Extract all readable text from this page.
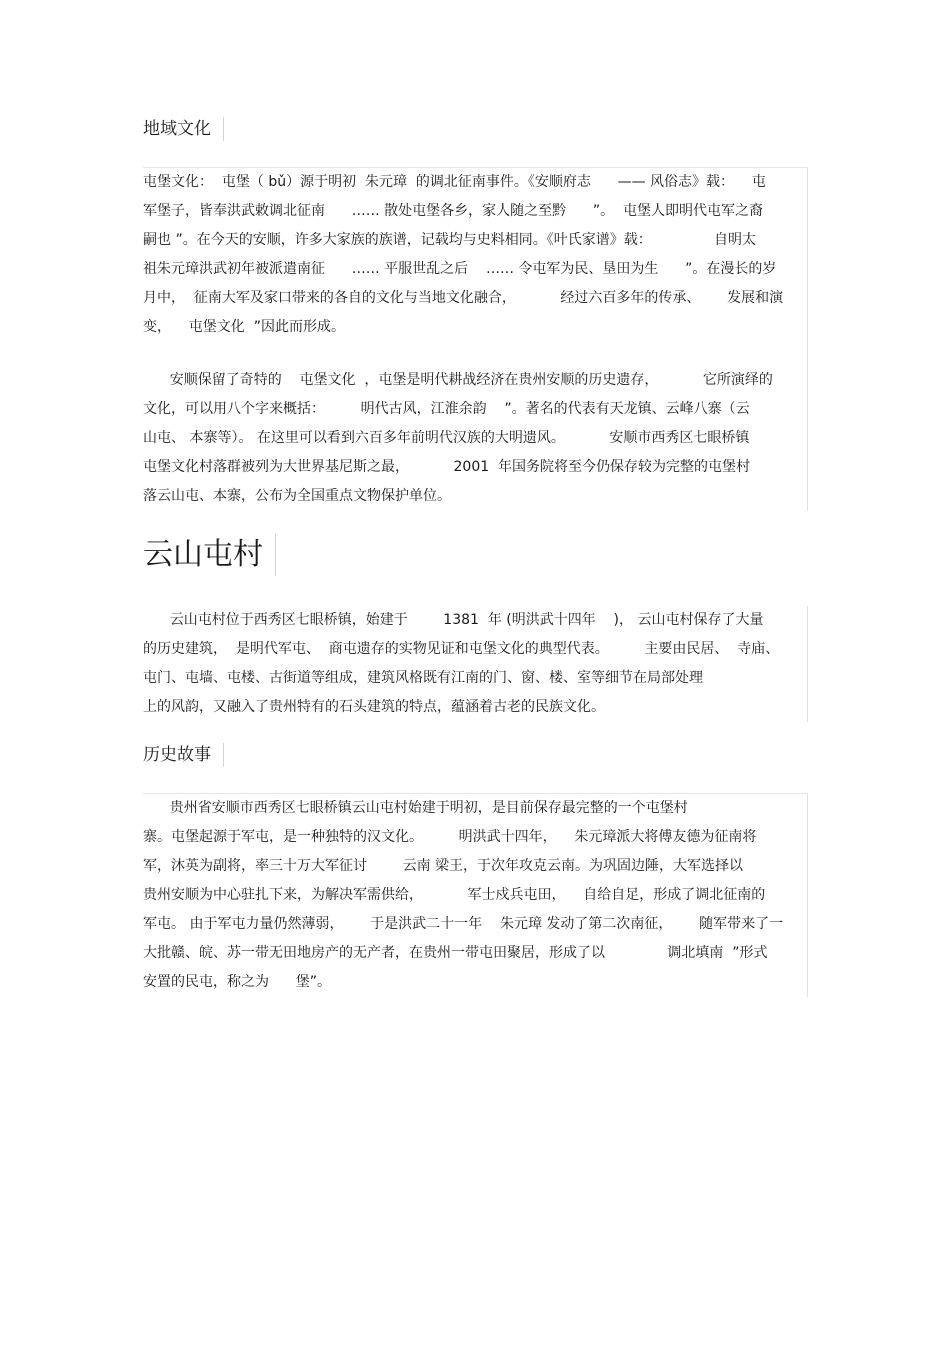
地域文化
屯堡文化：  屯堡（ bǔ）源于明初  朱元璋  的调北征南事件。《安顺府志      —— 风俗志》载：    屯
军堡子，皆奉洪武敕调北征南      …… 散处屯堡各乡，家人随之至黔      ”。  屯堡人即明代屯军之裔
嗣也 ”。在今天的安顺，许多大家族的族谱，记载均与史料相同。《叶氏家谱》载：              自明太
祖朱元璋洪武初年被派遣南征      …… 平服世乱之后    …… 令屯军为民、垦田为生      ”。在漫长的岁
月中，  征南大军及家口带来的各自的文化与当地文化融合，          经过六百多年的传承、      发展和演
变，    屯堡文化  ”因此而形成。
安顺保留了奇特的    屯堡文化  ，屯堡是明代耕战经济在贵州安顺的历史遗存，          它所演绎的
文化，可以用八个字来概括：        明代古风，江淮余韵    ”。著名的代表有天龙镇、云峰八寨（云
山屯、 本寨等）。 在这里可以看到六百多年前明代汉族的大明遗风。          安顺市西秀区七眼桥镇
屯堡文化村落群被列为大世界基尼斯之最，          2001  年国务院将至今仍保存较为完整的屯堡村
落云山屯、本寨，公布为全国重点文物保护单位。
云山屯村
云山屯村位于西秀区七眼桥镇，始建于        1381  年 (明洪武十四年    )， 云山屯村保存了大量
的历史建筑，  是明代军屯、  商屯遗存的实物见证和屯堡文化的典型代表。        主要由民居、  寺庙、
屯门、屯墙、屯楼、古街道等组成，建筑风格既有江南的门、窗、楼、室等细节在局部处理
上的风韵，又融入了贵州特有的石头建筑的特点，蕴涵着古老的民族文化。
历史故事
贵州省安顺市西秀区七眼桥镇云山屯村始建于明初，是目前保存最完整的一个屯堡村
寨。屯堡起源于军屯，是一种独特的汉文化。        明洪武十四年，    朱元璋派大将傅友德为征南将
军，沐英为副将，率三十万大军征讨        云南 梁王，于次年攻克云南。为巩固边陲，大军选择以
贵州安顺为中心驻扎下来，为解决军需供给，          军士戍兵屯田，    自给自足，形成了调北征南的
军屯。 由于军屯力量仍然薄弱，      于是洪武二十一年    朱元璋 发动了第二次南征，      随军带来了一
大批赣、皖、苏一带无田地房产的无产者，在贵州一带屯田聚居，形成了以              调北填南  ”形式
安置的民屯，称之为      堡”。
